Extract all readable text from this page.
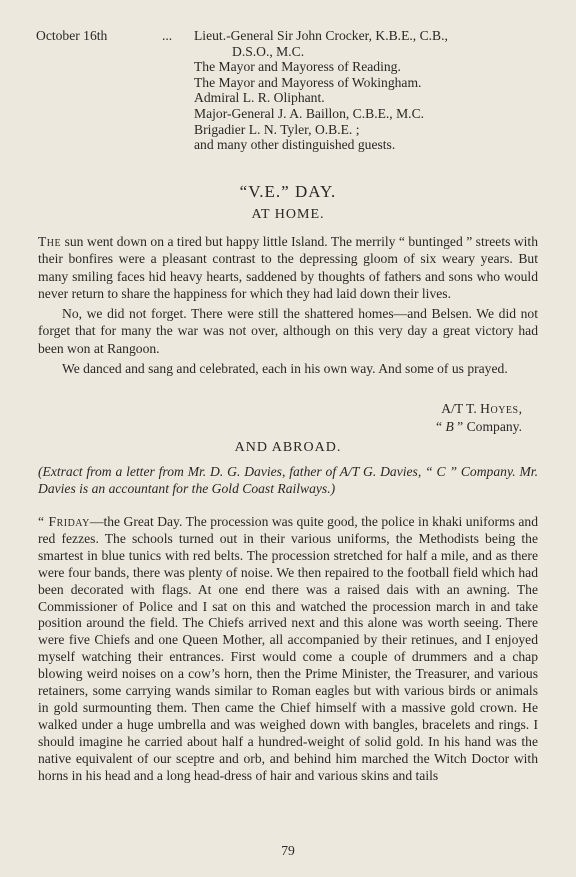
October 16th	... Lieut.-General Sir John Crocker, K.B.E., C.B.,
D.S.O., M.C.
The Mayor and Mayoress of Reading.
The Mayor and Mayoress of Wokingham.
Admiral L. R. Oliphant.
Major-General J. A. Baillon, C.B.E., M.C.
Brigadier L. N. Tyler, O.B.E. ;
and many other distinguished guests.
“V.E.” DAY.
AT HOME.

The sun went down on a tired but happy little Island. The merrily “ buntinged ” streets with their bonfires were a pleasant contrast to the depressing gloom of six weary years. But many smiling faces hid heavy hearts, saddened by thoughts of fathers and sons who would never return to share the happiness for which they had laid down their lives.

No, we did not forget. There were still the shattered homes—and Belsen. We did not forget that for many the war was not over, although on this very day a great victory had been won at Rangoon.

We danced and sang and celebrated, each in his own way. And some of us prayed.

A/T T. Hoyes,
“ B ” Company.
AND ABROAD.
(Extract from a letter from Mr. D. G. Davies, father of A/T G. Davies, “ C ” Company. Mr. Davies is an accountant for the Gold Coast Railways.)

“ Friday—the Great Day. The procession was quite good, the police in khaki uniforms and red fezzes. The schools turned out in their various uniforms, the Methodists being the smartest in blue tunics with red belts. The procession stretched for half a mile, and as there were four bands, there was plenty of noise. We then repaired to the football field which had been decorated with flags. At one end there was a raised dais with an awning. The Commissioner of Police and I sat on this and watched the procession march in and take position around the field. The Chiefs arrived next and this alone was worth seeing. There were five Chiefs and one Queen Mother, all accompanied by their retinues, and I enjoyed myself watching their entrances. First would come a couple of drummers and a chap blowing weird noises on a cow’s horn, then the Prime Minister, the Treasurer, and various retainers, some carrying wands similar to Roman eagles but with various birds or animals in gold surmounting them. Then came the Chief himself with a massive gold crown. He walked under a huge umbrella and was weighed down with bangles, bracelets and rings. I should imagine he carried about half a hundred-weight of solid gold. In his hand was the native equivalent of our sceptre and orb, and behind him marched the Witch Doctor with horns in his head and a long head-dress of hair and various skins and tails

79
